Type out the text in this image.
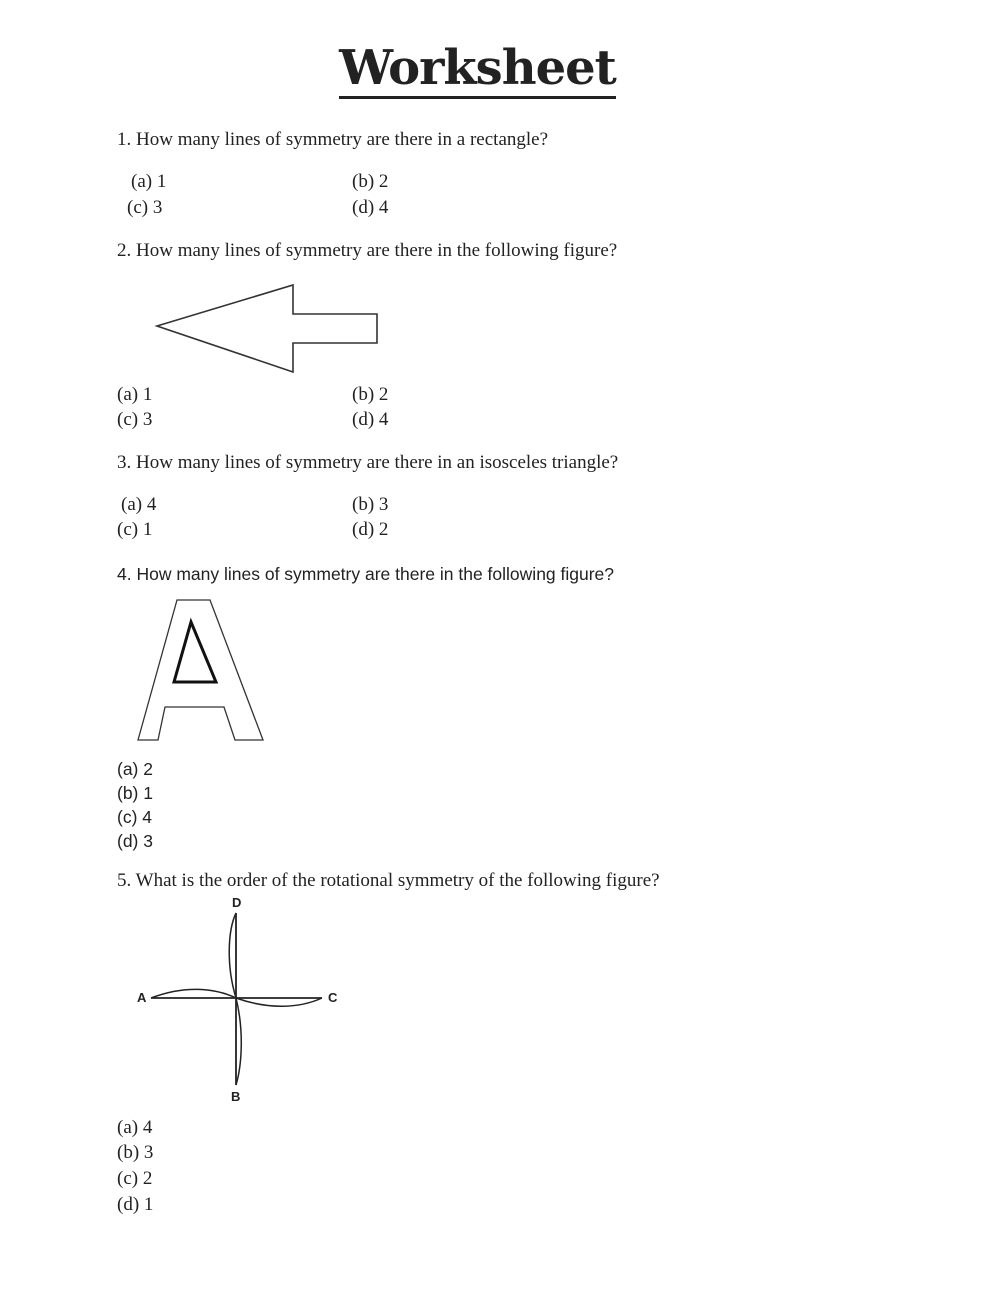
Worksheet
1. How many lines of symmetry are there in a rectangle?
(a) 1	(b) 2
(c) 3	(d) 4
2. How many lines of symmetry are there in the following figure?
(a) 1	(b) 2
(c) 3	(d) 4
3. How many lines of symmetry are there in an isosceles triangle?
(a) 4	(b) 3
(c) 1	(d) 2
4. How many lines of symmetry are there in the following figure?
(a) 2
(b) 1
(c) 4
(d) 3
5. What is the order of the rotational symmetry of the following figure?
D
A	C
B
(a) 4
(b) 3
(c) 2
(d) 1
